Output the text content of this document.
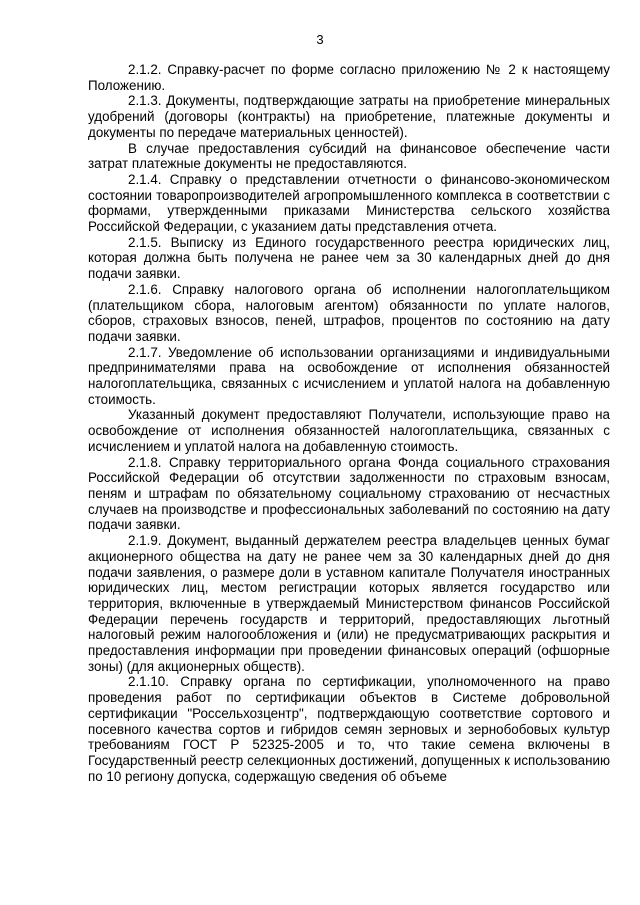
3

2.1.2. Справку-расчет по форме согласно приложению № 2 к настоящему Положению.

2.1.3. Документы, подтверждающие затраты на приобретение минеральных удобрений (договоры (контракты) на приобретение, платежные документы и документы по передаче материальных ценностей).

В случае предоставления субсидий на финансовое обеспечение части затрат платежные документы не предоставляются.

2.1.4. Справку о представлении отчетности о финансово-экономическом состоянии товаропроизводителей агропромышленного комплекса в соответствии с формами, утвержденными приказами Министерства сельского хозяйства Российской Федерации, с указанием даты представления отчета.

2.1.5. Выписку из Единого государственного реестра юридических лиц, которая должна быть получена не ранее чем за 30 календарных дней до дня подачи заявки.

2.1.6. Справку налогового органа об исполнении налогоплательщиком (плательщиком сбора, налоговым агентом) обязанности по уплате налогов, сборов, страховых взносов, пеней, штрафов, процентов по состоянию на дату подачи заявки.

2.1.7. Уведомление об использовании организациями и индивидуальными предпринимателями права на освобождение от исполнения обязанностей налогоплательщика, связанных с исчислением и уплатой налога на добавленную стоимость.

Указанный документ предоставляют Получатели, использующие право на освобождение от исполнения обязанностей налогоплательщика, связанных с исчислением и уплатой налога на добавленную стоимость.

2.1.8. Справку территориального органа Фонда социального страхования Российской Федерации об отсутствии задолженности по страховым взносам, пеням и штрафам по обязательному социальному страхованию от несчастных случаев на производстве и профессиональных заболеваний по состоянию на дату подачи заявки.

2.1.9. Документ, выданный держателем реестра владельцев ценных бумаг акционерного общества на дату не ранее чем за 30 календарных дней до дня подачи заявления, о размере доли в уставном капитале Получателя иностранных юридических лиц, местом регистрации которых является государство или территория, включенные в утверждаемый Министерством финансов Российской Федерации перечень государств и территорий, предоставляющих льготный налоговый режим налогообложения и (или) не предусматривающих раскрытия и предоставления информации при проведении финансовых операций (офшорные зоны) (для акционерных обществ).

2.1.10. Справку органа по сертификации, уполномоченного на право проведения работ по сертификации объектов в Системе добровольной сертификации "Россельхозцентр", подтверждающую соответствие сортового и посевного качества сортов и гибридов семян зерновых и зернобобовых культур требованиям ГОСТ Р 52325-2005 и то, что такие семена включены в Государственный реестр селекционных достижений, допущенных к использованию по 10 региону допуска, содержащую сведения об объеме
